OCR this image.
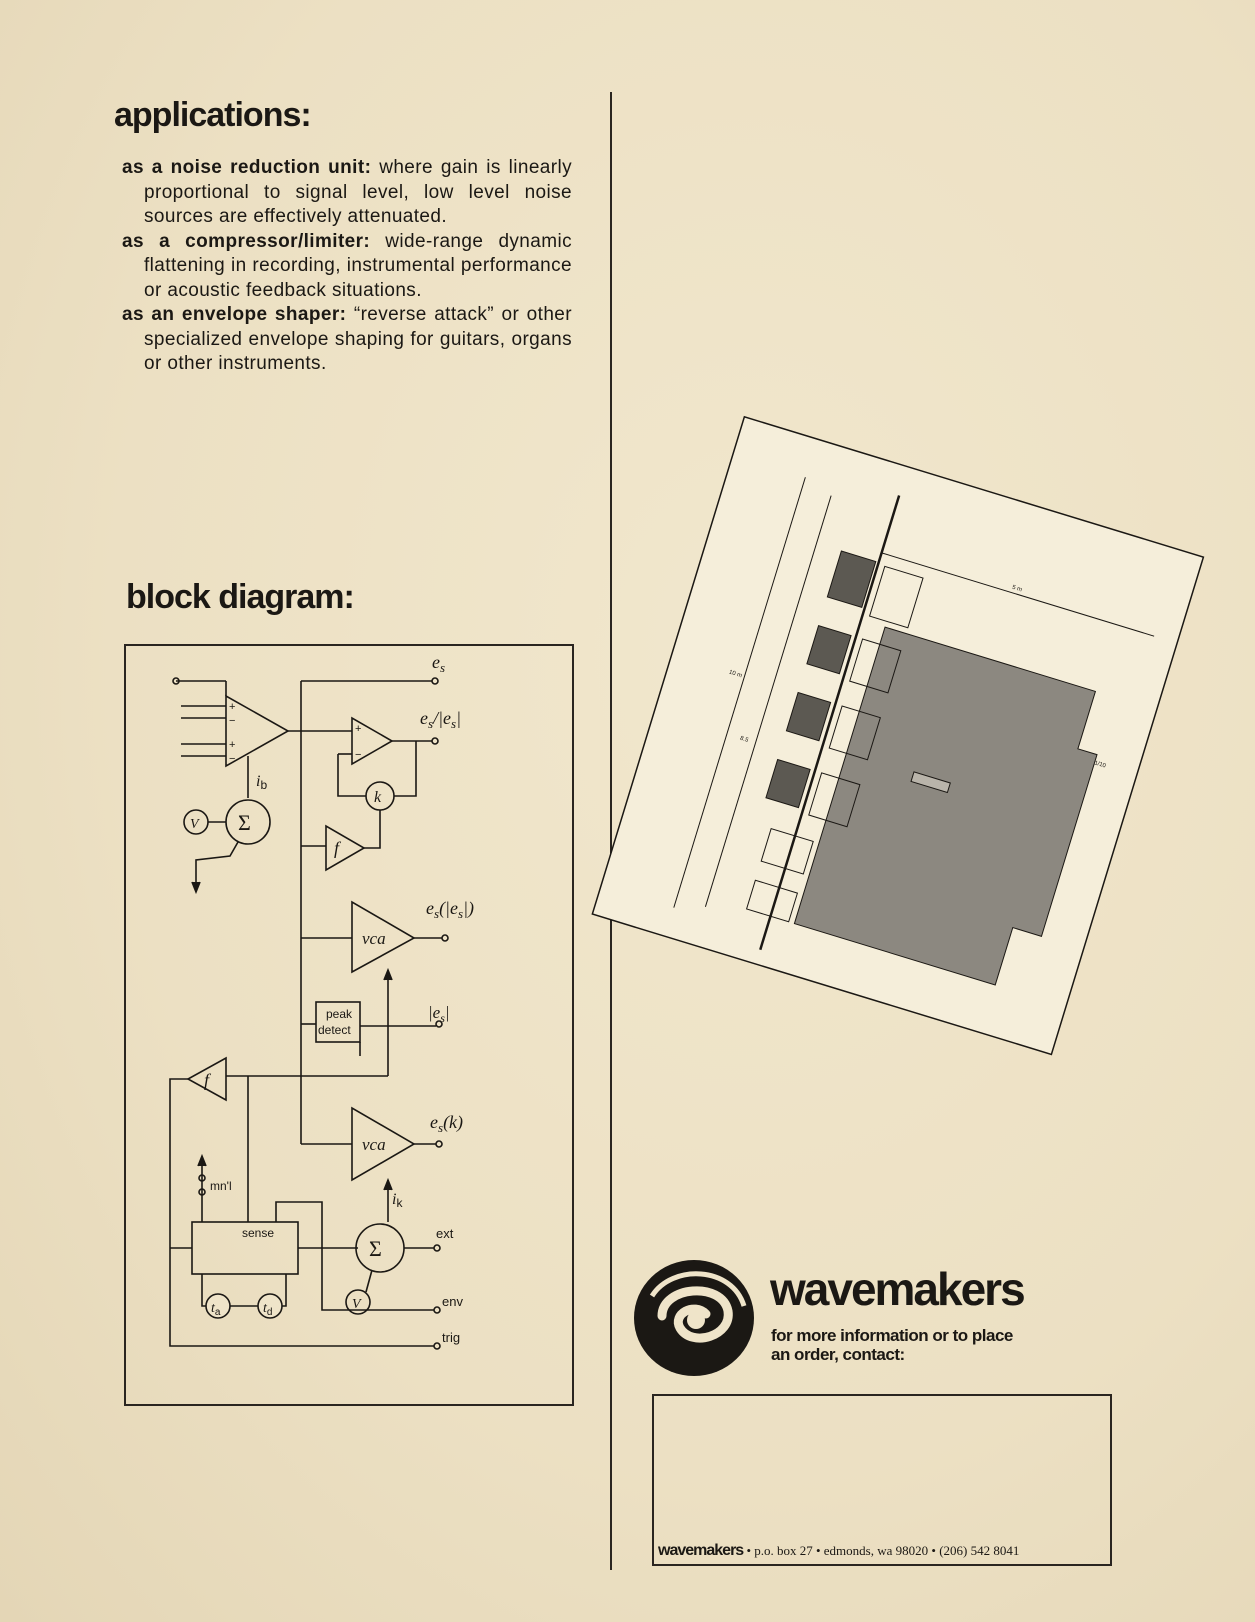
applications:

as a noise reduction unit: where gain is linearly proportional to signal level, low level noise sources are effectively attenuated.

as a compressor/limiter: wide-range dynamic flattening in recording, instrumental performance or acoustic feedback situations.

as an envelope shaper: “reverse attack” or other specialized envelope shaping for guitars, organs or other instruments.

block diagram:
+
−
+
−
ib
Σ
V
$e_s$
$e_s/|e_s|$
+
−
k
f
vca
$e_s(|e_s|)$
peak
detect
$|e_s|$
f
trig
vca
$e_s(k)$
ik
mn'l
sense
env
Σ
ext
V
$t_a$	$t_d$
5 m
10 m
8.5
1/10
wavemakers
for more information or to place
an order, contact:
wavemakers • p.o. box 27 • edmonds, wa 98020 • (206) 542 8041
